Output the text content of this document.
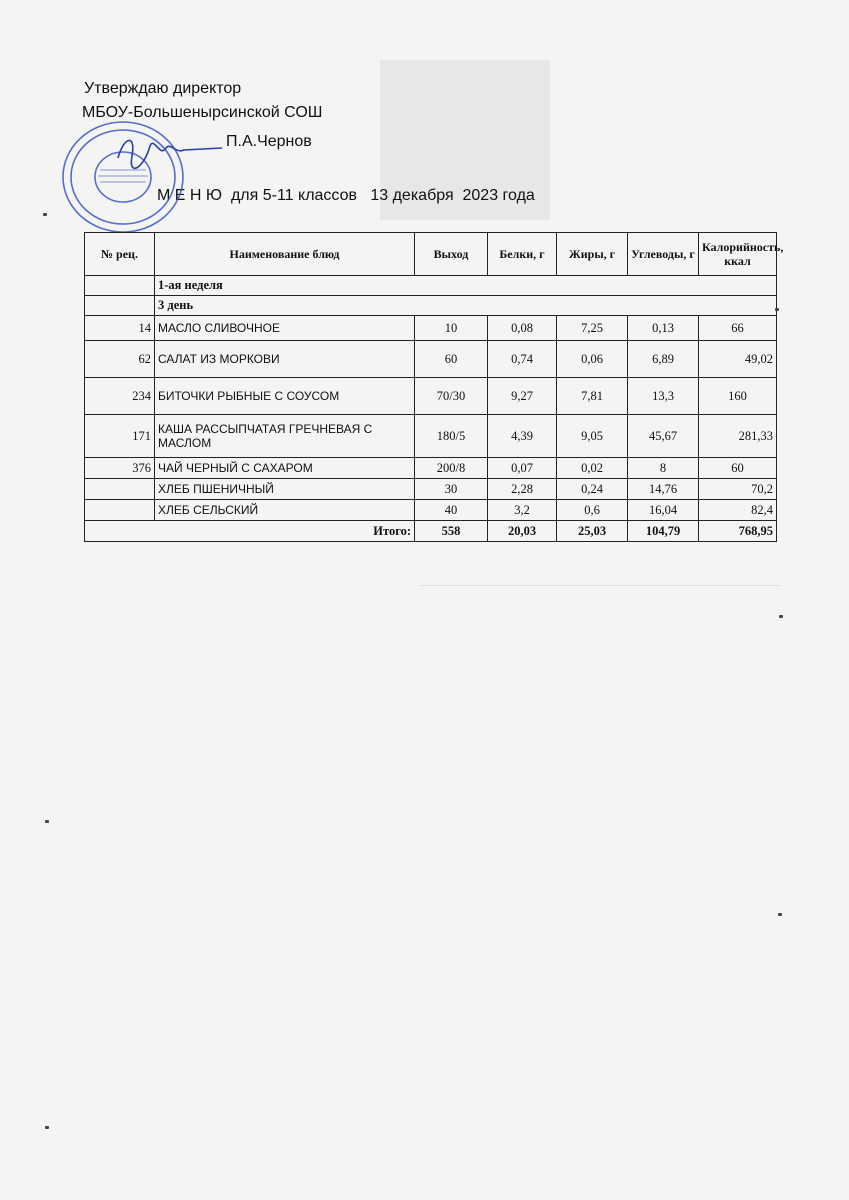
Утверждаю директор
МБОУ-Большенырсинской СОШ
П.А.Чернов
М Е Н Ю  для 5-11 классов   13 декабря  2023 года
№ рец.	Наименование блюд	Выход	Белки, г	Жиры, г	Углеводы, г	Калорийность, ккал
	1-ая неделя					
	3 день					
14	МАСЛО СЛИВОЧНОЕ	10	0,08	7,25	0,13	66
62	САЛАТ ИЗ МОРКОВИ	60	0,74	0,06	6,89	49,02
234	БИТОЧКИ РЫБНЫЕ С СОУСОМ	70/30	9,27	7,81	13,3	160
171	КАША РАССЫПЧАТАЯ ГРЕЧНЕВАЯ С МАСЛОМ	180/5	4,39	9,05	45,67	281,33
376	ЧАЙ ЧЕРНЫЙ С САХАРОМ	200/8	0,07	0,02	8	60
	ХЛЕБ ПШЕНИЧНЫЙ	30	2,28	0,24	14,76	70,2
	ХЛЕБ СЕЛЬСКИЙ	40	3,2	0,6	16,04	82,4
Итого:		558	20,03	25,03	104,79	768,95
